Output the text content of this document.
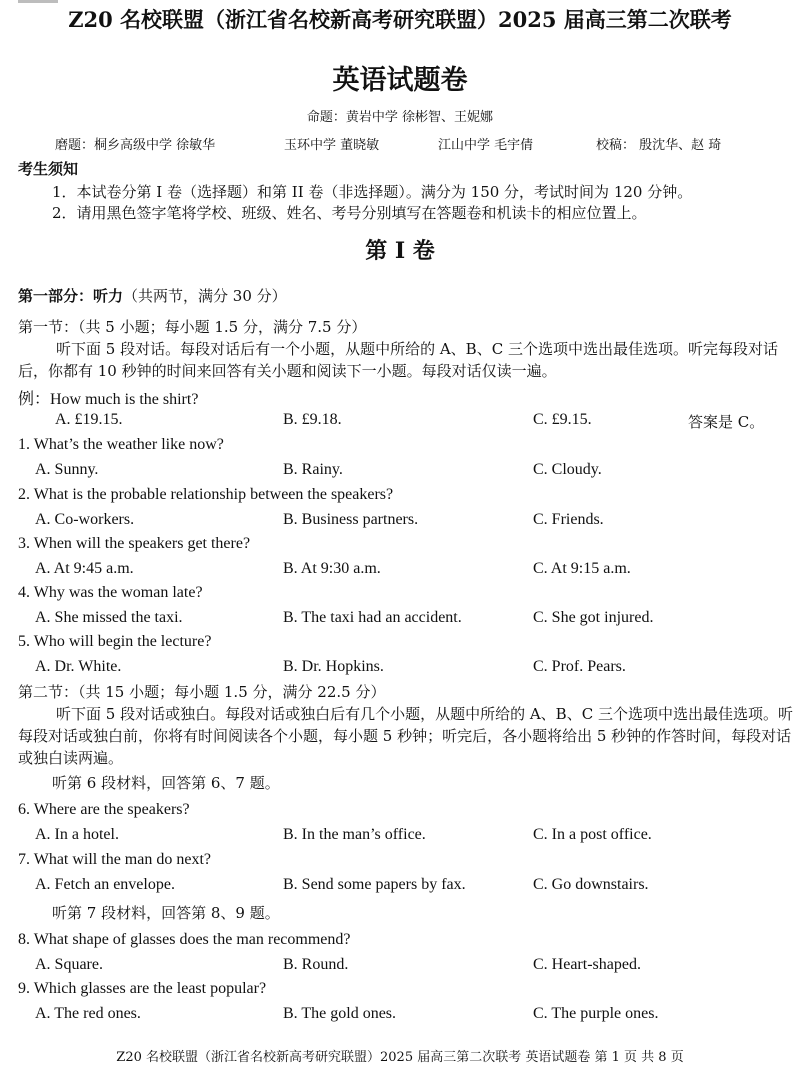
Z20 名校联盟（浙江省名校新高考研究联盟）2025 届高三第二次联考
英语试题卷
命题：黄岩中学 徐彬智、王妮娜
磨题：桐乡高级中学 徐敏华	玉环中学 董晓敏	江山中学 毛宇倩	校稿： 殷沈华、赵 琦
考生须知
1．本试卷分第 I 卷（选择题）和第 II 卷（非选择题）。满分为 150 分，考试时间为 120 分钟。
2．请用黑色签字笔将学校、班级、姓名、考号分别填写在答题卷和机读卡的相应位置上。
第 I 卷
第一部分：听力（共两节，满分 30 分）
第一节：（共 5 小题；每小题 1.5 分，满分 7.5 分）
听下面 5 段对话。每段对话后有一个小题，从题中所给的 A、B、C 三个选项中选出最佳选项。听完每段对话后，你都有 10 秒钟的时间来回答有关小题和阅读下一小题。每段对话仅读一遍。
例：How much is the shirt?
A. £19.15.	B. £9.18.	C. £9.15.	答案是 C。
1. What’s the weather like now?
A. Sunny.	B. Rainy.	C. Cloudy.
2. What is the probable relationship between the speakers?
A. Co-workers.	B. Business partners.	C. Friends.
3. When will the speakers get there?
A. At 9:45 a.m.	B. At 9:30 a.m.	C. At 9:15 a.m.
4. Why was the woman late?
A. She missed the taxi.	B. The taxi had an accident.	C. She got injured.
5. Who will begin the lecture?
A. Dr. White.	B. Dr. Hopkins.	C. Prof. Pears.
第二节：（共 15 小题；每小题 1.5 分，满分 22.5 分）
听下面 5 段对话或独白。每段对话或独白后有几个小题，从题中所给的 A、B、C 三个选项中选出最佳选项。听每段对话或独白前，你将有时间阅读各个小题，每小题 5 秒钟；听完后，各小题将给出 5 秒钟的作答时间，每段对话或独白读两遍。
听第 6 段材料，回答第 6、7 题。
6. Where are the speakers?
A. In a hotel.	B. In the man’s office.	C. In a post office.
7. What will the man do next?
A. Fetch an envelope.	B. Send some papers by fax.	C. Go downstairs.
听第 7 段材料，回答第 8、9 题。
8. What shape of glasses does the man recommend?
A. Square.	B. Round.	C. Heart-shaped.
9. Which glasses are the least popular?
A. The red ones.	B. The gold ones.	C. The purple ones.
Z20 名校联盟（浙江省名校新高考研究联盟）2025 届高三第二次联考 英语试题卷 第 1 页 共 8 页
